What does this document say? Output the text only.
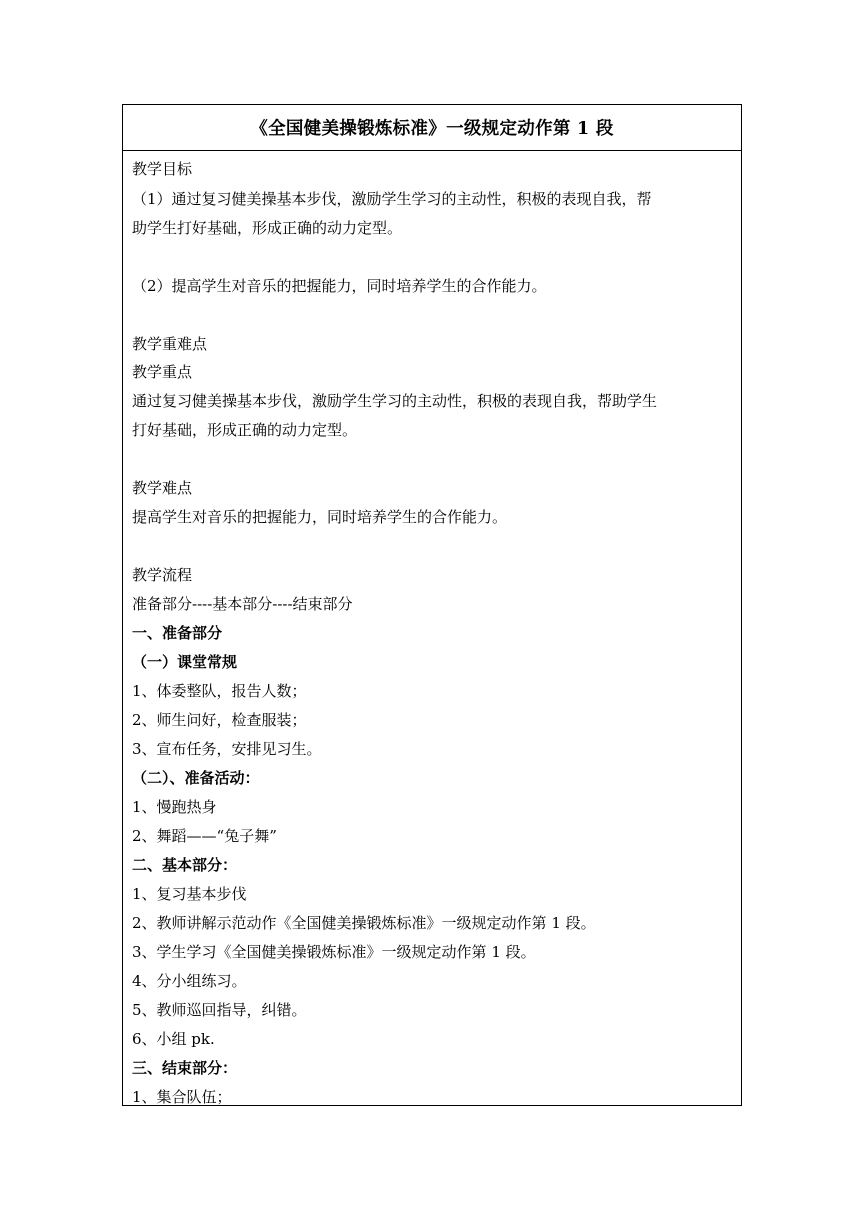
《全国健美操锻炼标准》一级规定动作第 1 段
教学目标
（1）通过复习健美操基本步伐，激励学生学习的主动性，积极的表现自我，帮
助学生打好基础，形成正确的动力定型。
（2）提高学生对音乐的把握能力，同时培养学生的合作能力。
教学重难点
教学重点
通过复习健美操基本步伐，激励学生学习的主动性，积极的表现自我，帮助学生
打好基础，形成正确的动力定型。
教学难点
提高学生对音乐的把握能力，同时培养学生的合作能力。
教学流程
准备部分----基本部分----结束部分
一、准备部分
（一）课堂常规
1、体委整队，报告人数；
2、师生问好，检查服装；
3、宣布任务，安排见习生。
（二）、准备活动：
1、慢跑热身
2、舞蹈——“兔子舞”
二、基本部分：
1、复习基本步伐
2、教师讲解示范动作《全国健美操锻炼标准》一级规定动作第 1 段。
3、学生学习《全国健美操锻炼标准》一级规定动作第 1 段。
4、分小组练习。
5、教师巡回指导，纠错。
6、小组 pk.
三、结束部分：
1、集合队伍；
